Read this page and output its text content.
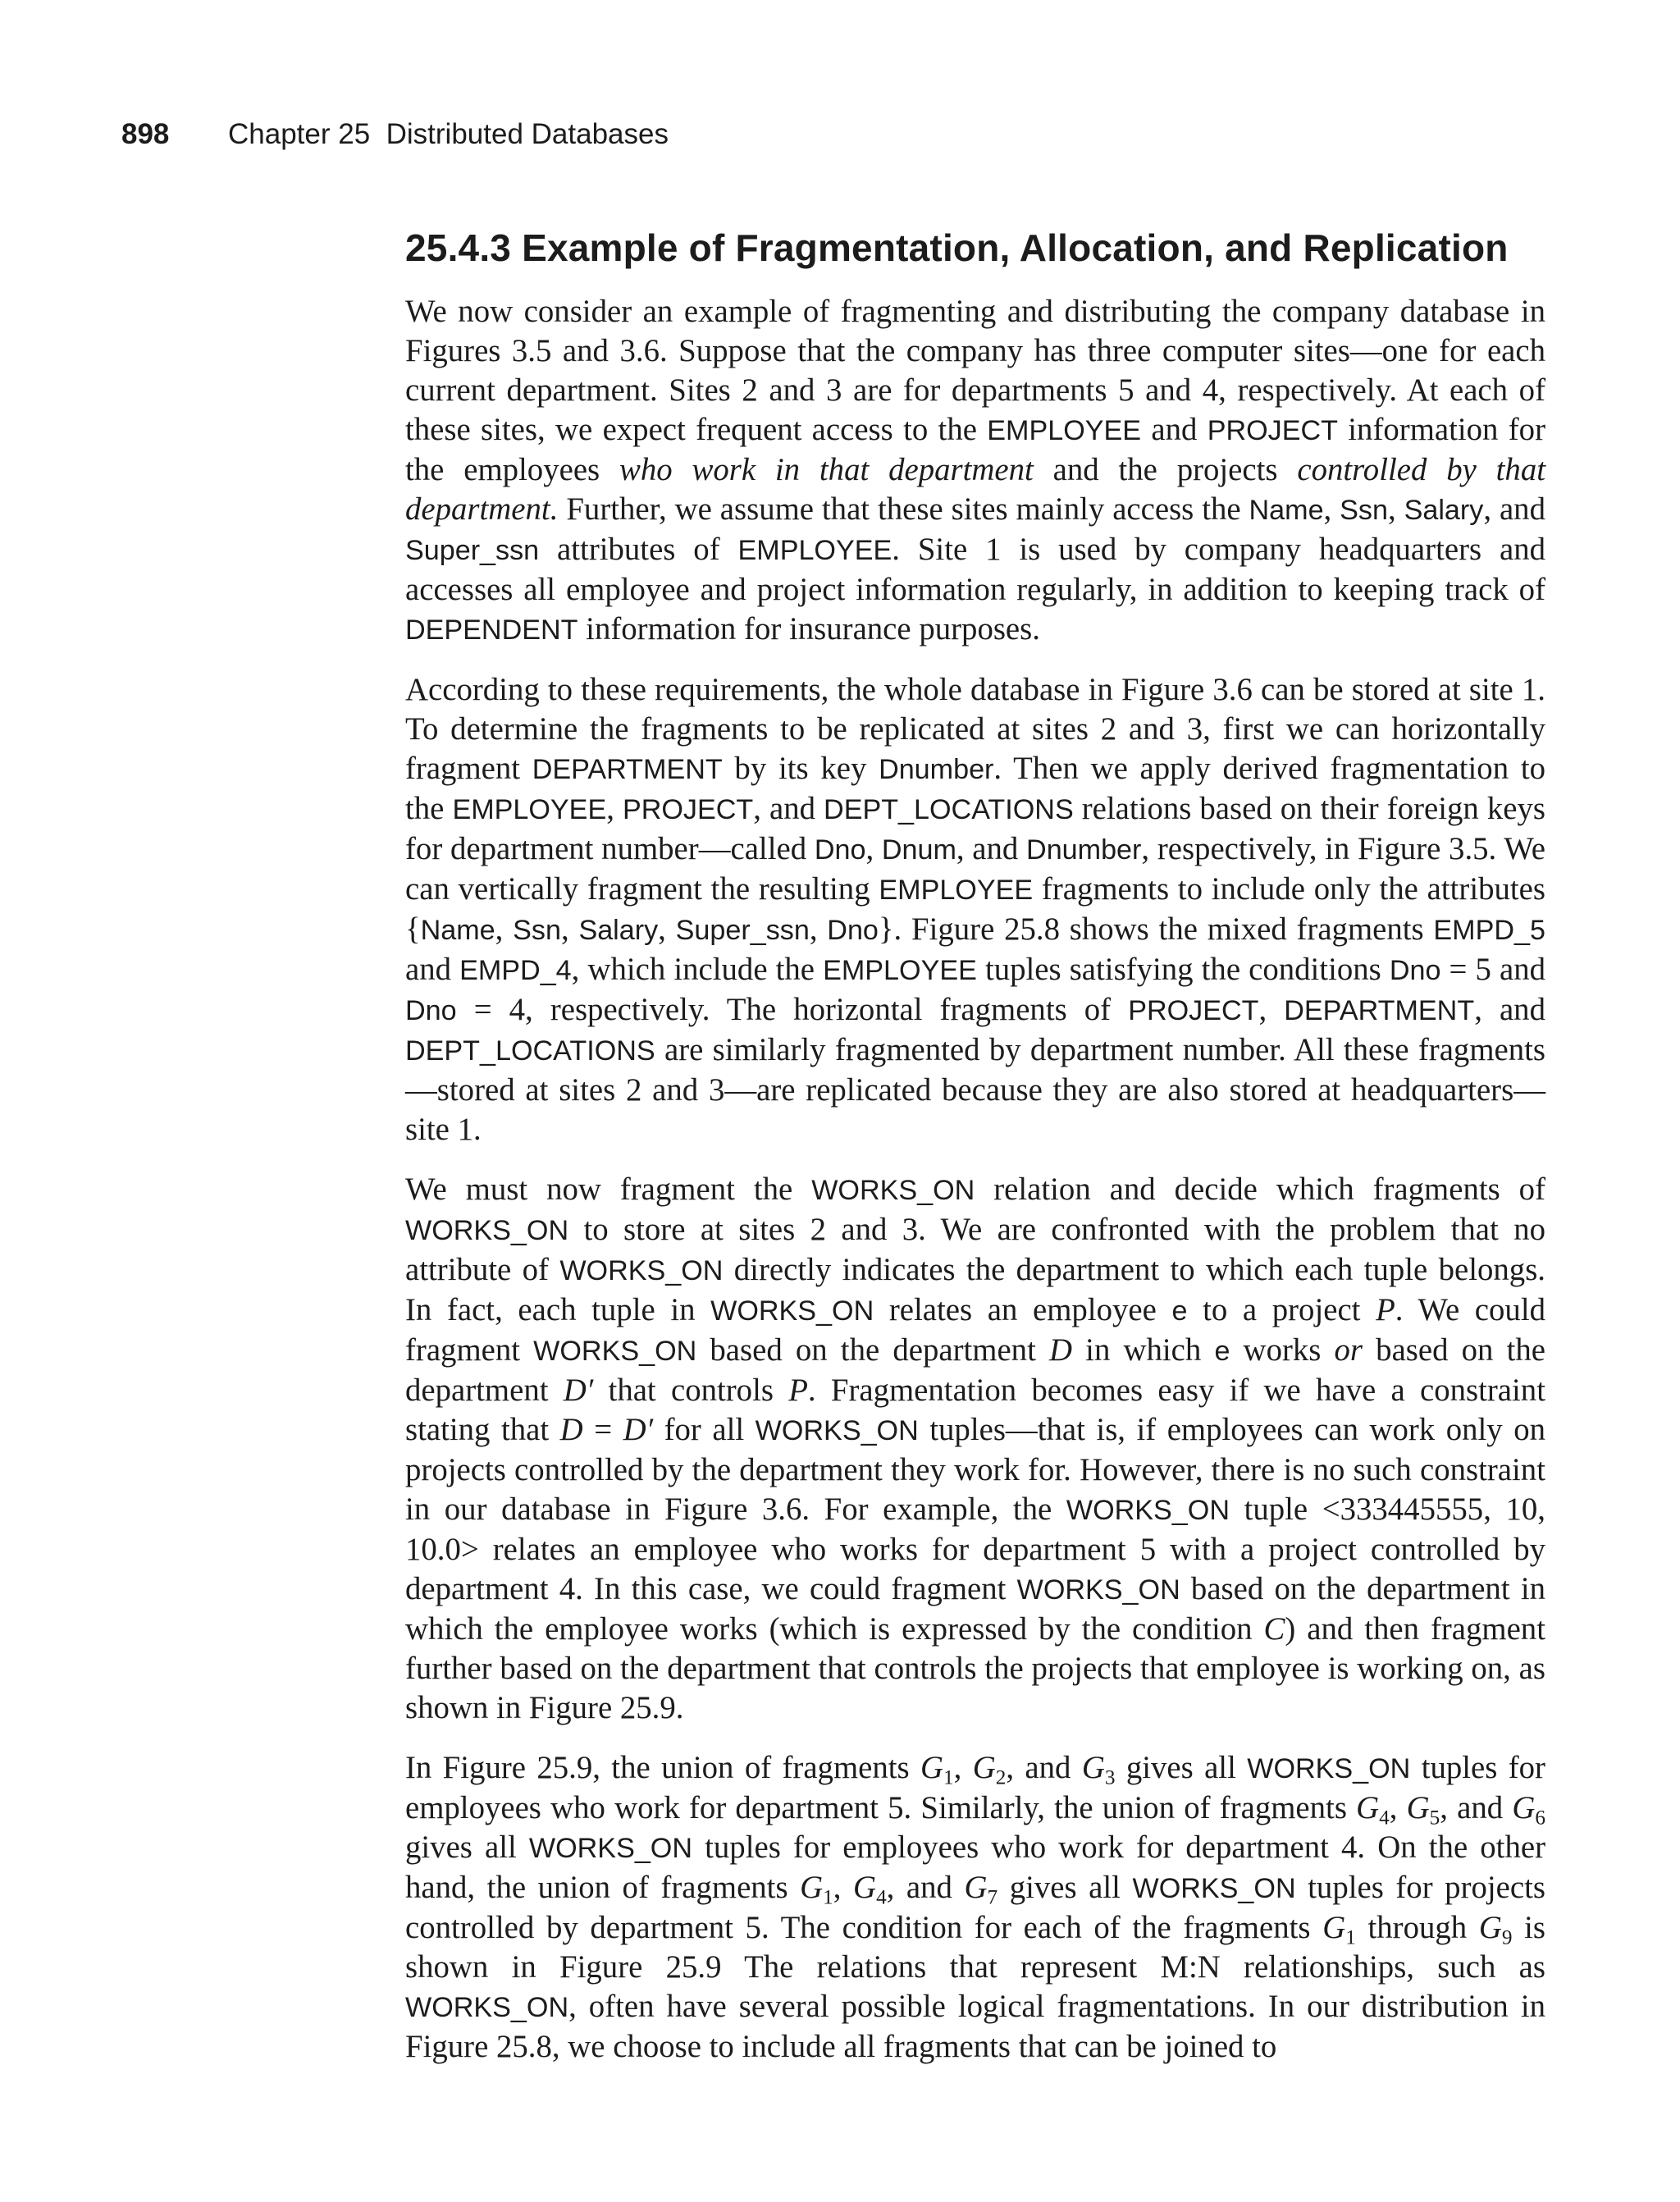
898 Chapter 25  Distributed Databases
25.4.3 Example of Fragmentation, Allocation, and Replication

We now consider an example of fragmenting and distributing the company database in Figures 3.5 and 3.6. Suppose that the company has three computer sites—one for each current department. Sites 2 and 3 are for departments 5 and 4, respectively. At each of these sites, we expect frequent access to the EMPLOYEE and PROJECT information for the employees who work in that department and the projects controlled by that department. Further, we assume that these sites mainly access the Name, Ssn, Salary, and Super_ssn attributes of EMPLOYEE. Site 1 is used by company headquarters and accesses all employee and project information regularly, in addition to keeping track of DEPENDENT information for insurance purposes.

According to these requirements, the whole database in Figure 3.6 can be stored at site 1. To determine the fragments to be replicated at sites 2 and 3, first we can horizontally fragment DEPARTMENT by its key Dnumber. Then we apply derived fragmentation to the EMPLOYEE, PROJECT, and DEPT_LOCATIONS relations based on their foreign keys for department number—called Dno, Dnum, and Dnumber, respectively, in Figure 3.5. We can vertically fragment the resulting EMPLOYEE fragments to include only the attributes {Name, Ssn, Salary, Super_ssn, Dno}. Figure 25.8 shows the mixed fragments EMPD_5 and EMPD_4, which include the EMPLOYEE tuples satisfying the conditions Dno = 5 and Dno = 4, respectively. The horizontal fragments of PROJECT, DEPARTMENT, and DEPT_LOCATIONS are similarly fragmented by department number. All these fragments—stored at sites 2 and 3—are replicated because they are also stored at headquarters—site 1.

We must now fragment the WORKS_ON relation and decide which fragments of WORKS_ON to store at sites 2 and 3. We are confronted with the problem that no attribute of WORKS_ON directly indicates the department to which each tuple belongs. In fact, each tuple in WORKS_ON relates an employee e to a project P. We could fragment WORKS_ON based on the department D in which e works or based on the department D′ that controls P. Fragmentation becomes easy if we have a constraint stating that D = D′ for all WORKS_ON tuples—that is, if employees can work only on projects controlled by the department they work for. However, there is no such constraint in our database in Figure 3.6. For example, the WORKS_ON tuple <333445555, 10, 10.0> relates an employee who works for department 5 with a project controlled by department 4. In this case, we could fragment WORKS_ON based on the department in which the employee works (which is expressed by the condition C) and then fragment further based on the department that controls the projects that employee is working on, as shown in Figure 25.9.

In Figure 25.9, the union of fragments $G_1$, $G_2$, and $G_3$ gives all WORKS_ON tuples for employees who work for department 5. Similarly, the union of fragments $G_4$, $G_5$, and $G_6$ gives all WORKS_ON tuples for employees who work for department 4. On the other hand, the union of fragments $G_1$, $G_4$, and $G_7$ gives all WORKS_ON tuples for projects controlled by department 5. The condition for each of the fragments $G_1$ through $G_9$ is shown in Figure 25.9 The relations that represent M:N relationships, such as WORKS_ON, often have several possible logical fragmentations. In our distribution in Figure 25.8, we choose to include all fragments that can be joined to
